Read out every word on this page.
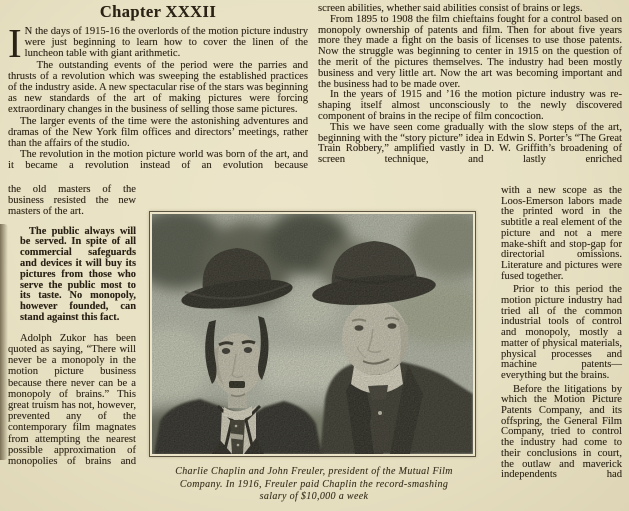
Chapter XXXII

I N the days of 1915-16 the overlords of the motion picture industry were just beginning to learn how to cover the linen of the luncheon table with giant arithmetic.

The outstanding events of the period were the parries and thrusts of a revolution which was sweeping the established practices of the industry aside. A new spectacular rise of the stars was beginning as new standards of the art of making pictures were forcing extraordinary changes in the business of selling those same pictures.

The larger events of the time were the astonishing adventures and dramas of the New York film offices and directors’ meetings, rather than the affairs of the studio.

The revolution in the motion picture world was born of the art, and it became a revolution instead of an evolution because

the old masters of the business resisted the new masters of the art.

The public always will be served. In spite of all commercial safeguards and devices it will buy its pictures from those who serve the public most to its taste. No monopoly, however founded, can stand against this fact.

Adolph Zukor has been quoted as saying, “There will never be a monopoly in the motion picture business because there never can be a monopoly of brains.” This great truism has not, however, prevented any of the contemporary film magnates from attempting the nearest possible approximation of monopolies of brains and

screen abilities, whether said abilities consist of brains or legs.

From 1895 to 1908 the film chieftains fought for a control based on monopoly ownership of patents and film. Then for about five years more they made a fight on the basis of licenses to use those patents. Now the struggle was beginning to center in 1915 on the question of the merit of the pictures themselves. The industry had been mostly business and very little art. Now the art was becoming important and the business had to be made over.

In the years of 1915 and ’16 the motion picture industry was re-shaping itself almost unconsciously to the newly discovered component of brains in the recipe of film concoction.

This we have seen come gradually with the slow steps of the art, beginning with the “story picture” idea in Edwin S. Porter’s “The Great Train Robbery,” amplified vastly in D. W. Griffith’s broadening of screen technique, and lastly enriched

with a new scope as the Loos-Emerson labors made the printed word in the subtitle a real element of the picture and not a mere make-shift and stop-gap for directorial omissions. Literature and pictures were fused together.

Prior to this period the motion picture industry had tried all of the common industrial tools of control and monopoly, mostly a matter of physical materials, physical processes and machine patents—everything but the brains.

Before the litigations by which the Motion Picture Patents Company, and its offspring, the General Film Company, tried to control the industry had come to their conclusions in court, the outlaw and maverick independents had

Charlie Chaplin and John Freuler, president of the Mutual Film Company. In 1916, Freuler paid Chaplin the record-smashing salary of $10,000 a week
